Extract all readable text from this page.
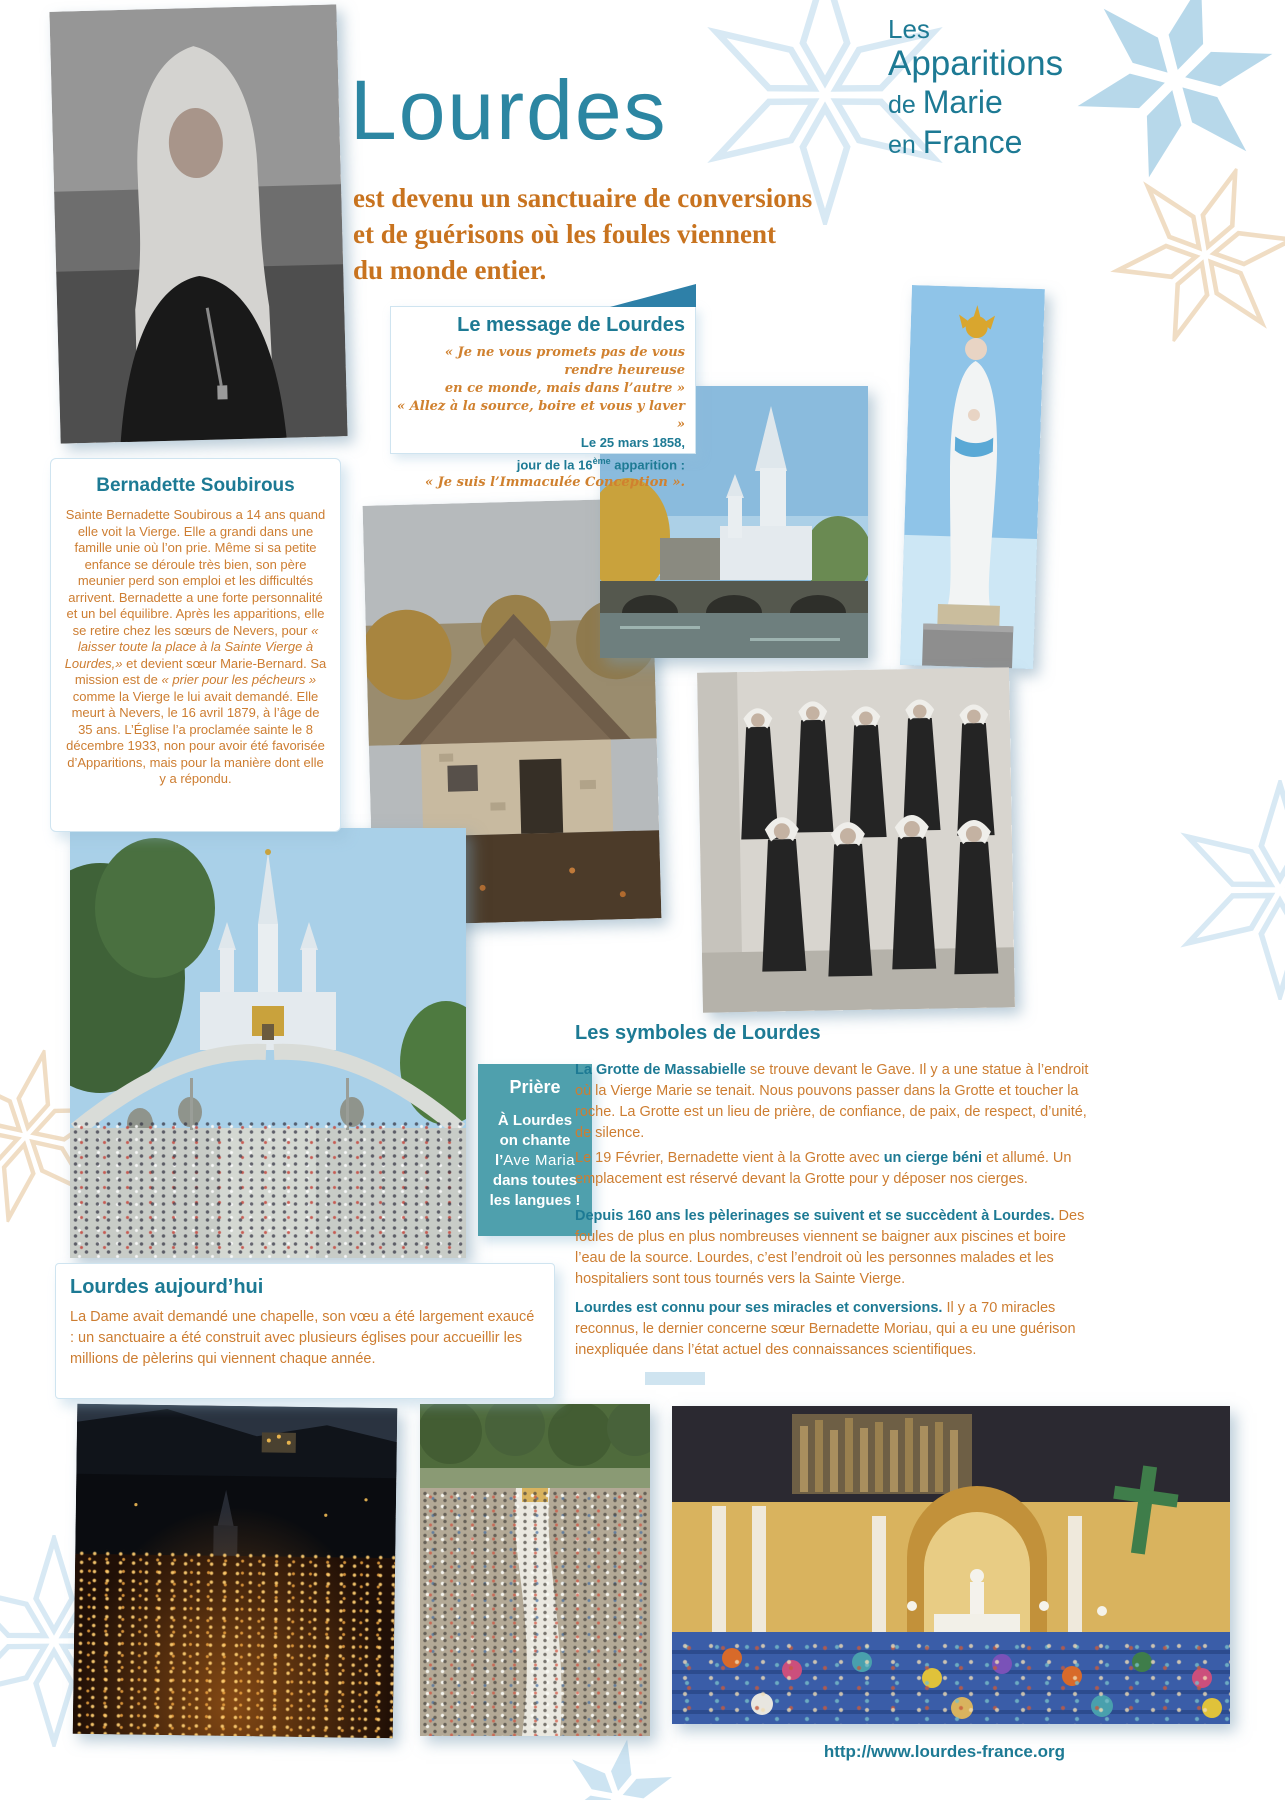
Lourdes
est devenu un sanctuaire de conversions
et de guérisons où les foules viennent
du monde entier.
Les
Apparitions
de Marie
en France
Le message de Lourdes
« Je ne vous promets pas de vous rendre heureuse
en ce monde, mais dans l’autre »
« Allez à la source, boire et vous y laver »
Le 25 mars 1858,
jour de la 16ème apparition :
« Je suis l’Immaculée Conception ».
Bernadette Soubirous

Sainte Bernadette Soubirous a 14 ans quand elle voit la Vierge. Elle a grandi dans une famille unie où l’on prie. Même si sa petite enfance se déroule très bien, son père meunier perd son emploi et les difficultés arrivent. Bernadette a une forte personnalité et un bel équilibre. Après les apparitions, elle se retire chez les sœurs de Nevers, pour « laisser toute la place à la Sainte Vierge à Lourdes,» et devient sœur Marie-Bernard. Sa mission est de « prier pour les pécheurs » comme la Vierge le lui avait demandé. Elle meurt à Nevers, le 16 avril 1879, à l’âge de 35 ans. L’Église l’a proclamée sainte le 8 décembre 1933, non pour avoir été favorisée d’Apparitions, mais pour la manière dont elle y a répondu.

Prière
À Lourdes
on chante
l’Ave Maria
dans toutes
les langues !
Les symboles de Lourdes

La Grotte de Massabielle se trouve devant le Gave. Il y a une statue à l’endroit où la Vierge Marie se tenait. Nous pouvons passer dans la Grotte et toucher la roche. La Grotte est un lieu de prière, de confiance, de paix, de respect, d’unité, de silence.

Le 19 Février, Bernadette vient à la Grotte avec un cierge béni et allumé. Un emplacement est réservé devant la Grotte pour y déposer nos cierges.

Depuis 160 ans les pèlerinages se suivent et se succèdent à Lourdes. Des foules de plus en plus nombreuses viennent se baigner aux piscines et boire l’eau de la source. Lourdes, c’est l’endroit où les personnes malades et les hospitaliers sont tous tournés vers la Sainte Vierge.

Lourdes est connu pour ses miracles et conversions. Il y a 70 miracles reconnus, le dernier concerne sœur Bernadette Moriau, qui a eu une guérison inexpliquée dans l’état actuel des connaissances scientifiques.

Lourdes aujourd’hui

La Dame avait demandé une chapelle, son vœu a été largement exaucé : un sanctuaire a été construit avec plusieurs églises pour accueillir les millions de pèlerins qui viennent chaque année.

http://www.lourdes-france.org
